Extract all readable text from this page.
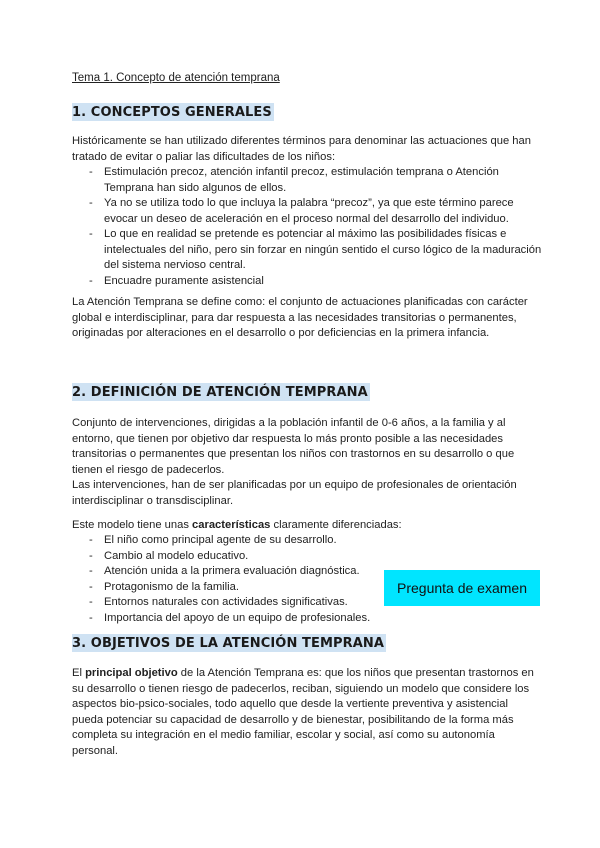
Tema 1. Concepto de atención temprana
1. CONCEPTOS GENERALES
Históricamente se han utilizado diferentes términos para denominar las actuaciones que han tratado de evitar o paliar las dificultades de los niños:
- Estimulación precoz, atención infantil precoz, estimulación temprana o Atención Temprana han sido algunos de ellos.
- Ya no se utiliza todo lo que incluya la palabra “precoz”, ya que este término parece evocar un deseo de aceleración en el proceso normal del desarrollo del individuo.
- Lo que en realidad se pretende es potenciar al máximo las posibilidades físicas e intelectuales del niño, pero sin forzar en ningún sentido el curso lógico de la maduración del sistema nervioso central.
- Encuadre puramente asistencial
La Atención Temprana se define como: el conjunto de actuaciones planificadas con carácter global e interdisciplinar, para dar respuesta a las necesidades transitorias o permanentes, originadas por alteraciones en el desarrollo o por deficiencias en la primera infancia.
2. DEFINICIÓN DE ATENCIÓN TEMPRANA
Conjunto de intervenciones, dirigidas a la población infantil de 0-6 años, a la familia y al entorno, que tienen por objetivo dar respuesta lo más pronto posible a las necesidades transitorias o permanentes que presentan los niños con trastornos en su desarrollo o que tienen el riesgo de padecerlos.
Las intervenciones, han de ser planificadas por un equipo de profesionales de orientación interdisciplinar o transdisciplinar.
Este modelo tiene unas características claramente diferenciadas:
- El niño como principal agente de su desarrollo.
- Cambio al modelo educativo.
- Atención unida a la primera evaluación diagnóstica.
- Protagonismo de la familia.
- Entornos naturales con actividades significativas.
- Importancia del apoyo de un equipo de profesionales.
3. OBJETIVOS DE LA ATENCIÓN TEMPRANA
El principal objetivo de la Atención Temprana es: que los niños que presentan trastornos en su desarrollo o tienen riesgo de padecerlos, reciban, siguiendo un modelo que considere los aspectos bio-psico-sociales, todo aquello que desde la vertiente preventiva y asistencial pueda potenciar su capacidad de desarrollo y de bienestar, posibilitando de la forma más completa su integración en el medio familiar, escolar y social, así como su autonomía personal.
Pregunta de examen
